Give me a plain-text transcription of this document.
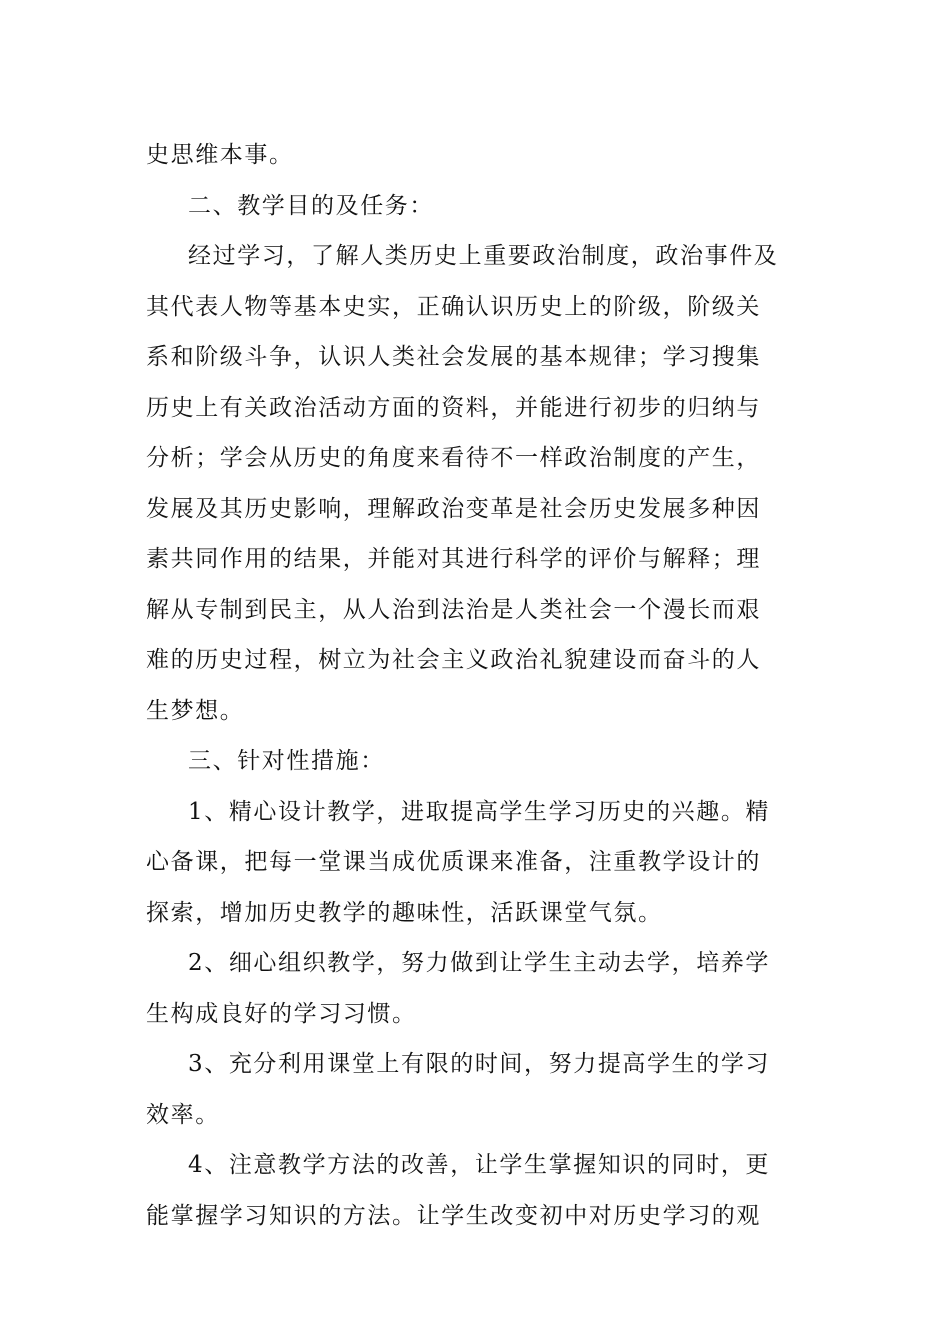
史思维本事。
二、教学目的及任务：
经过学习，了解人类历史上重要政治制度，政治事件及
其代表人物等基本史实，正确认识历史上的阶级，阶级关
系和阶级斗争，认识人类社会发展的基本规律；学习搜集
历史上有关政治活动方面的资料，并能进行初步的归纳与
分析；学会从历史的角度来看待不一样政治制度的产生，
发展及其历史影响，理解政治变革是社会历史发展多种因
素共同作用的结果，并能对其进行科学的评价与解释；理
解从专制到民主，从人治到法治是人类社会一个漫长而艰
难的历史过程，树立为社会主义政治礼貌建设而奋斗的人
生梦想。
三、针对性措施：
1、精心设计教学，进取提高学生学习历史的兴趣。精
心备课，把每一堂课当成优质课来准备，注重教学设计的
探索，增加历史教学的趣味性，活跃课堂气氛。
2、细心组织教学，努力做到让学生主动去学，培养学
生构成良好的学习习惯。
3、充分利用课堂上有限的时间，努力提高学生的学习
效率。
4、注意教学方法的改善，让学生掌握知识的同时，更
能掌握学习知识的方法。让学生改变初中对历史学习的观
